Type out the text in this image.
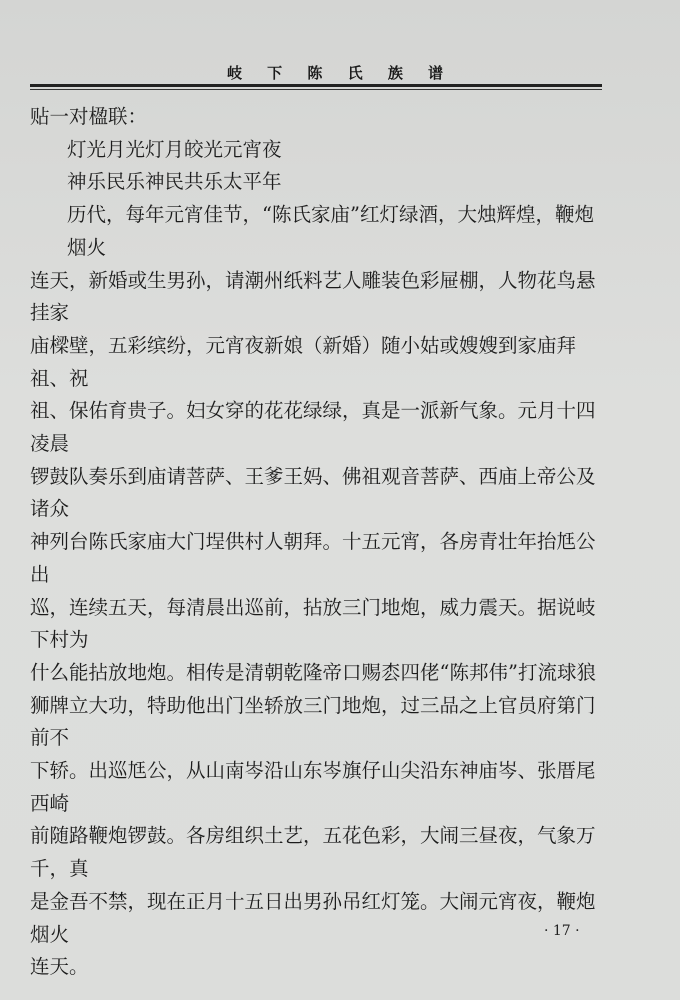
岐 下 陈 氏 族 谱

贴一对楹联：

灯光月光灯月皎光元宵夜

神乐民乐神民共乐太平年

历代，每年元宵佳节，“陈氏家庙”红灯绿酒，大烛辉煌，鞭炮烟火

连天，新婚或生男孙，请潮州纸料艺人雕装色彩屉棚，人物花鸟悬挂家

庙樑壁，五彩缤纷，元宵夜新娘（新婚）随小姑或嫂嫂到家庙拜祖、祝

祖、保佑育贵子。妇女穿的花花绿绿，真是一派新气象。元月十四凌晨

锣鼓队奏乐到庙请菩萨、王爹王妈、佛祖观音菩萨、西庙上帝公及诸众

神列台陈氏家庙大门埕供村人朝拜。十五元宵，各房青壮年抬尪公出

巡，连续五天，每清晨出巡前，拈放三门地炮，威力震天。据说岐下村为

什么能拈放地炮。相传是清朝乾隆帝口赐枩四佬“陈邦伟”打流球狼

狮牌立大功，特助他出门坐轿放三门地炮，过三品之上官员府第门前不

下轿。出巡尪公，从山南岑沿山东岑旗仔山尖沿东神庙岑、张厝尾西崎

前随路鞭炮锣鼓。各房组织土艺，五花色彩，大闹三昼夜，气象万千，真

是金吾不禁，现在正月十五日出男孙吊红灯笼。大闹元宵夜，鞭炮烟火

连天。

· 17 ·
